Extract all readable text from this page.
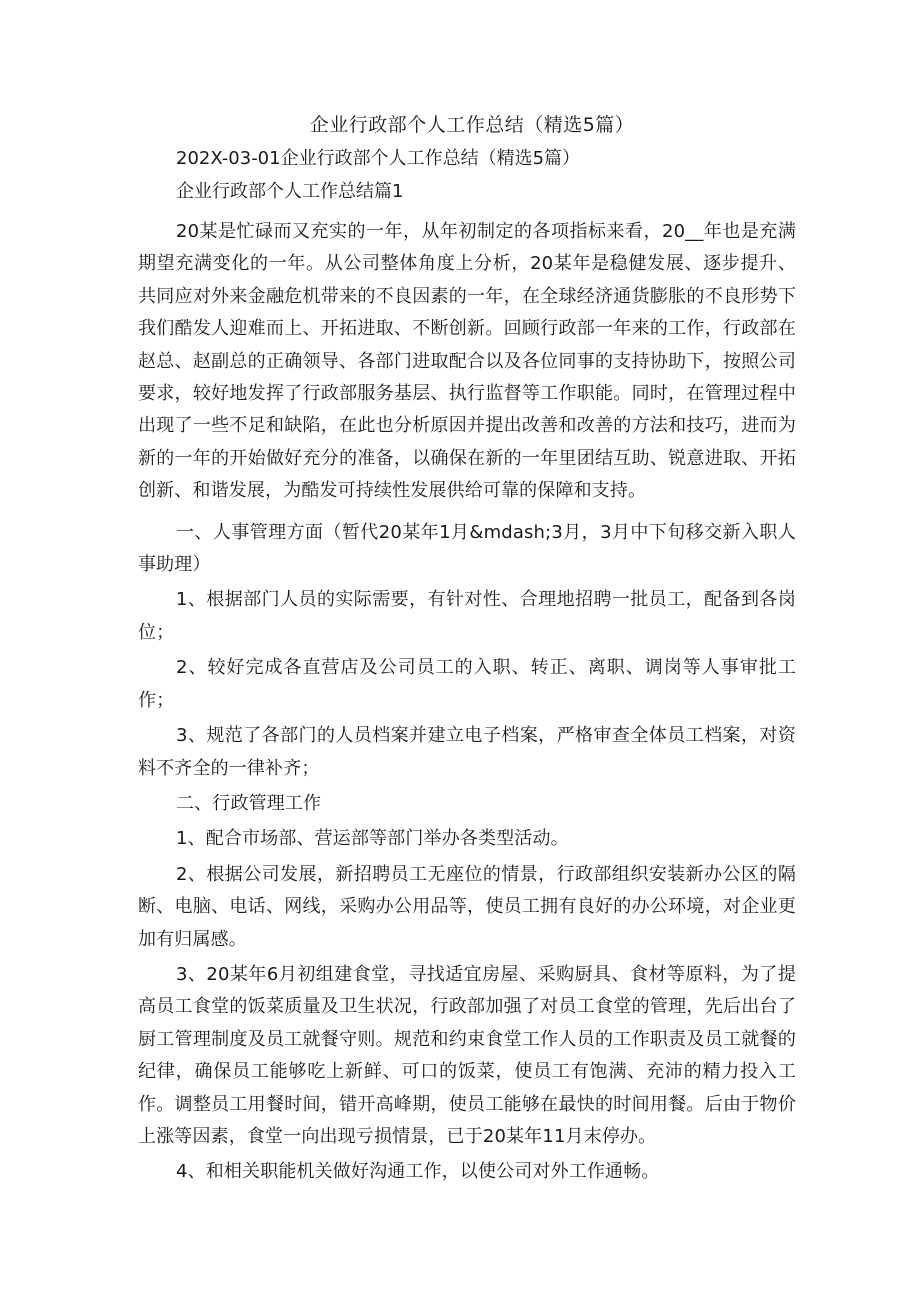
企业行政部个人工作总结（精选5篇）

202X-03-01企业行政部个人工作总结（精选5篇）

企业行政部个人工作总结篇1

20某是忙碌而又充实的一年，从年初制定的各项指标来看，20__年也是充满期望充满变化的一年。从公司整体角度上分析，20某年是稳健发展、逐步提升、共同应对外来金融危机带来的不良因素的一年，在全球经济通货膨胀的不良形势下我们酷发人迎难而上、开拓进取、不断创新。回顾行政部一年来的工作，行政部在赵总、赵副总的正确领导、各部门进取配合以及各位同事的支持协助下，按照公司要求，较好地发挥了行政部服务基层、执行监督等工作职能。同时，在管理过程中出现了一些不足和缺陷，在此也分析原因并提出改善和改善的方法和技巧，进而为新的一年的开始做好充分的准备，以确保在新的一年里团结互助、锐意进取、开拓创新、和谐发展，为酷发可持续性发展供给可靠的保障和支持。

一、人事管理方面（暂代20某年1月&mdash;3月，3月中下旬移交新入职人事助理）

1、根据部门人员的实际需要，有针对性、合理地招聘一批员工，配备到各岗位；

2、较好完成各直营店及公司员工的入职、转正、离职、调岗等人事审批工作；

3、规范了各部门的人员档案并建立电子档案，严格审查全体员工档案，对资料不齐全的一律补齐；

二、行政管理工作

1、配合市场部、营运部等部门举办各类型活动。

2、根据公司发展，新招聘员工无座位的情景，行政部组织安装新办公区的隔断、电脑、电话、网线，采购办公用品等，使员工拥有良好的办公环境，对企业更加有归属感。

3、20某年6月初组建食堂，寻找适宜房屋、采购厨具、食材等原料，为了提高员工食堂的饭菜质量及卫生状况，行政部加强了对员工食堂的管理，先后出台了厨工管理制度及员工就餐守则。规范和约束食堂工作人员的工作职责及员工就餐的纪律，确保员工能够吃上新鲜、可口的饭菜，使员工有饱满、充沛的精力投入工作。调整员工用餐时间，错开高峰期，使员工能够在最快的时间用餐。后由于物价上涨等因素，食堂一向出现亏损情景，已于20某年11月末停办。

4、和相关职能机关做好沟通工作，以使公司对外工作通畅。
